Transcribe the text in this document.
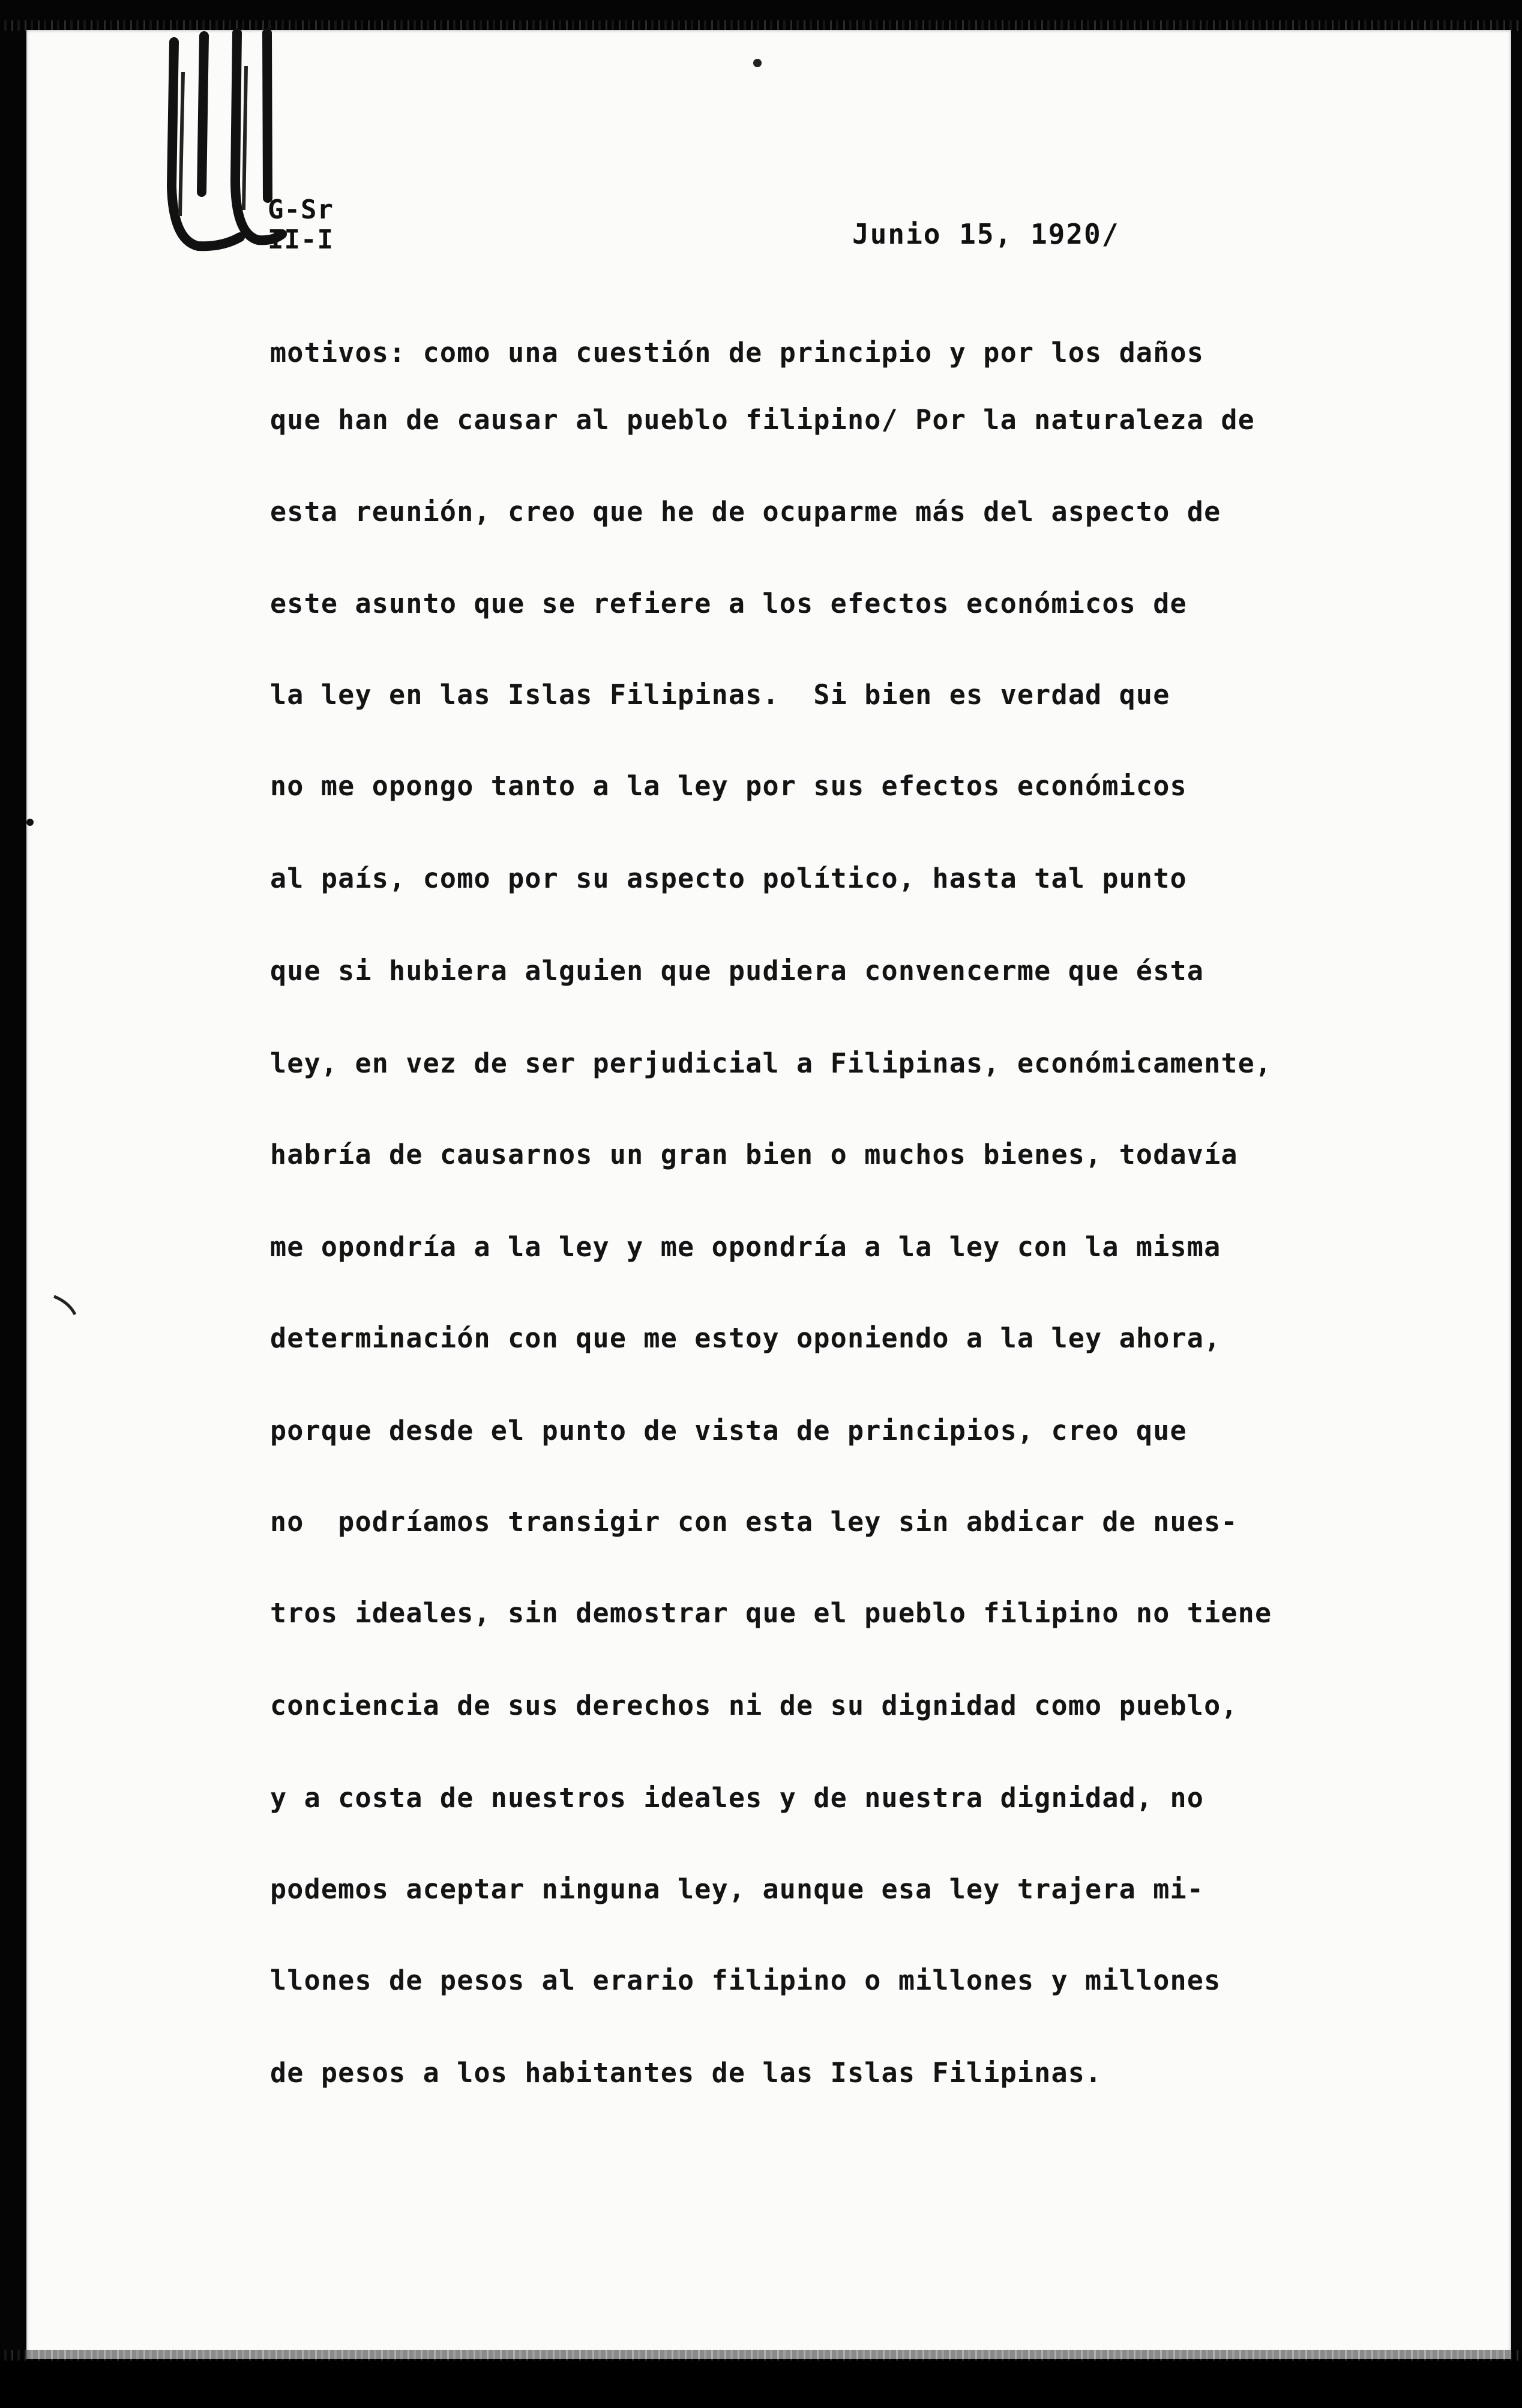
G-Sr
II-I	Junio 15, 1920/
motivos: como una cuestión de principio y por los daños
que han de causar al pueblo filipino/ Por la naturaleza de
esta reunión, creo que he de ocuparme más del aspecto de
este asunto que se refiere a los efectos económicos de
la ley en las Islas Filipinas.  Si bien es verdad que
no me opongo tanto a la ley por sus efectos económicos
al país, como por su aspecto político, hasta tal punto
que si hubiera alguien que pudiera convencerme que ésta
ley, en vez de ser perjudicial a Filipinas, económicamente,
habría de causarnos un gran bien o muchos bienes, todavía
me opondría a la ley y me opondría a la ley con la misma
determinación con que me estoy oponiendo a la ley ahora,
porque desde el punto de vista de principios, creo que
no  podríamos transigir con esta ley sin abdicar de nues-
tros ideales, sin demostrar que el pueblo filipino no tiene
conciencia de sus derechos ni de su dignidad como pueblo,
y a costa de nuestros ideales y de nuestra dignidad, no
podemos aceptar ninguna ley, aunque esa ley trajera mi-
llones de pesos al erario filipino o millones y millones
de pesos a los habitantes de las Islas Filipinas.
